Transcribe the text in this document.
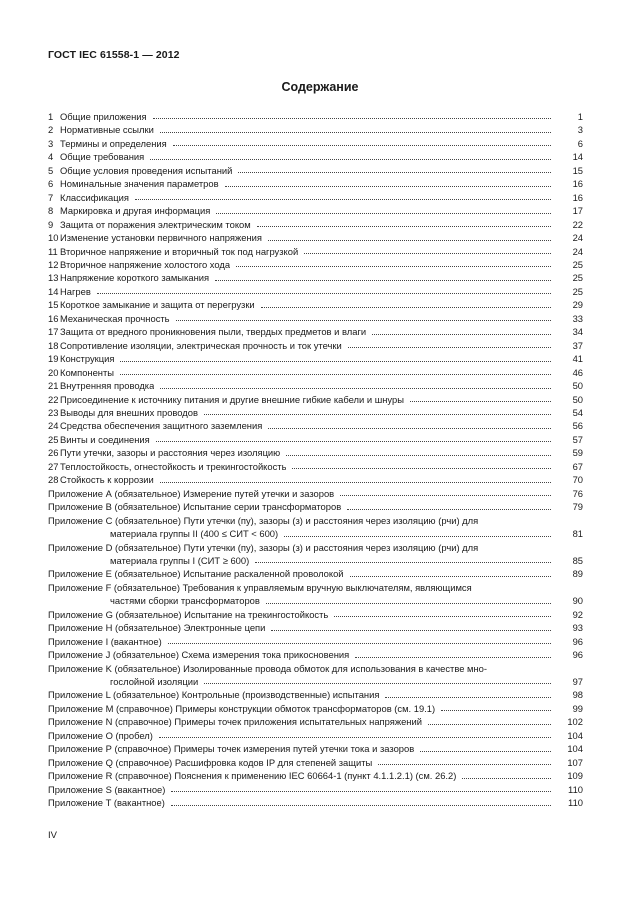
ГОСТ IEC 61558-1 — 2012
Содержание
1 Общие приложения	1
2 Нормативные ссылки	3
3 Термины и определения	6
4 Общие требования	14
5 Общие условия проведения испытаний	15
6 Номинальные значения параметров	16
7 Классификация	16
8 Маркировка и другая информация	17
9 Защита от поражения электрическим током	22
10 Изменение установки первичного напряжения	24
11 Вторичное напряжение и вторичный ток под нагрузкой	24
12 Вторичное напряжение холостого хода	25
13 Напряжение короткого замыкания	25
14 Нагрев	25
15 Короткое замыкание и защита от перегрузки	29
16 Механическая прочность	33
17 Защита от вредного проникновения пыли, твердых предметов и влаги	34
18 Сопротивление изоляции, электрическая прочность и ток утечки	37
19 Конструкция	41
20 Компоненты	46
21 Внутренняя проводка	50
22 Присоединение к источнику питания и другие внешние гибкие кабели и шнуры	50
23 Выводы для внешних проводов	54
24 Средства обеспечения защитного заземления	56
25 Винты и соединения	57
26 Пути утечки, зазоры и расстояния через изоляцию	59
27 Теплостойкость, огнестойкость и трекингостойкость	67
28 Стойкость к коррозии	70
Приложение А (обязательное) Измерение путей утечки и зазоров	76
Приложение В (обязательное) Испытание серии трансформаторов	79
Приложение С (обязательное) Пути утечки (пу), зазоры (з) и расстояния через изоляцию (рчи) для
материала группы II (400 ≤ СИТ < 600)	81
Приложение D (обязательное) Пути утечки (пу), зазоры (з) и расстояния через изоляцию (рчи) для
материала группы I (СИТ ≥ 600)	85
Приложение Е (обязательное) Испытание раскаленной проволокой	89
Приложение F (обязательное) Требования к управляемым вручную выключателям, являющимся
частями сборки трансформаторов	90
Приложение G (обязательное) Испытание на трекингостойкость	92
Приложение Н (обязательное) Электронные цепи	93
Приложение I (вакантное)	96
Приложение J (обязательное) Схема измерения тока прикосновения	96
Приложение K (обязательное) Изолированные провода обмоток для использования в качестве мно-
гослойной изоляции	97
Приложение L (обязательное) Контрольные (производственные) испытания	98
Приложение М (справочное) Примеры конструкции обмоток трансформаторов (см. 19.1)	99
Приложение N (справочное) Примеры точек приложения испытательных напряжений	102
Приложение О (пробел)	104
Приложение Р (справочное) Примеры точек измерения путей утечки тока и зазоров	104
Приложение Q (справочное) Расшифровка кодов IP для степеней защиты	107
Приложение R (справочное) Пояснения к применению IEC 60664-1 (пункт 4.1.1.2.1) (см. 26.2)	109
Приложение S (вакантное)	110
Приложение Т (вакантное)	110
IV
